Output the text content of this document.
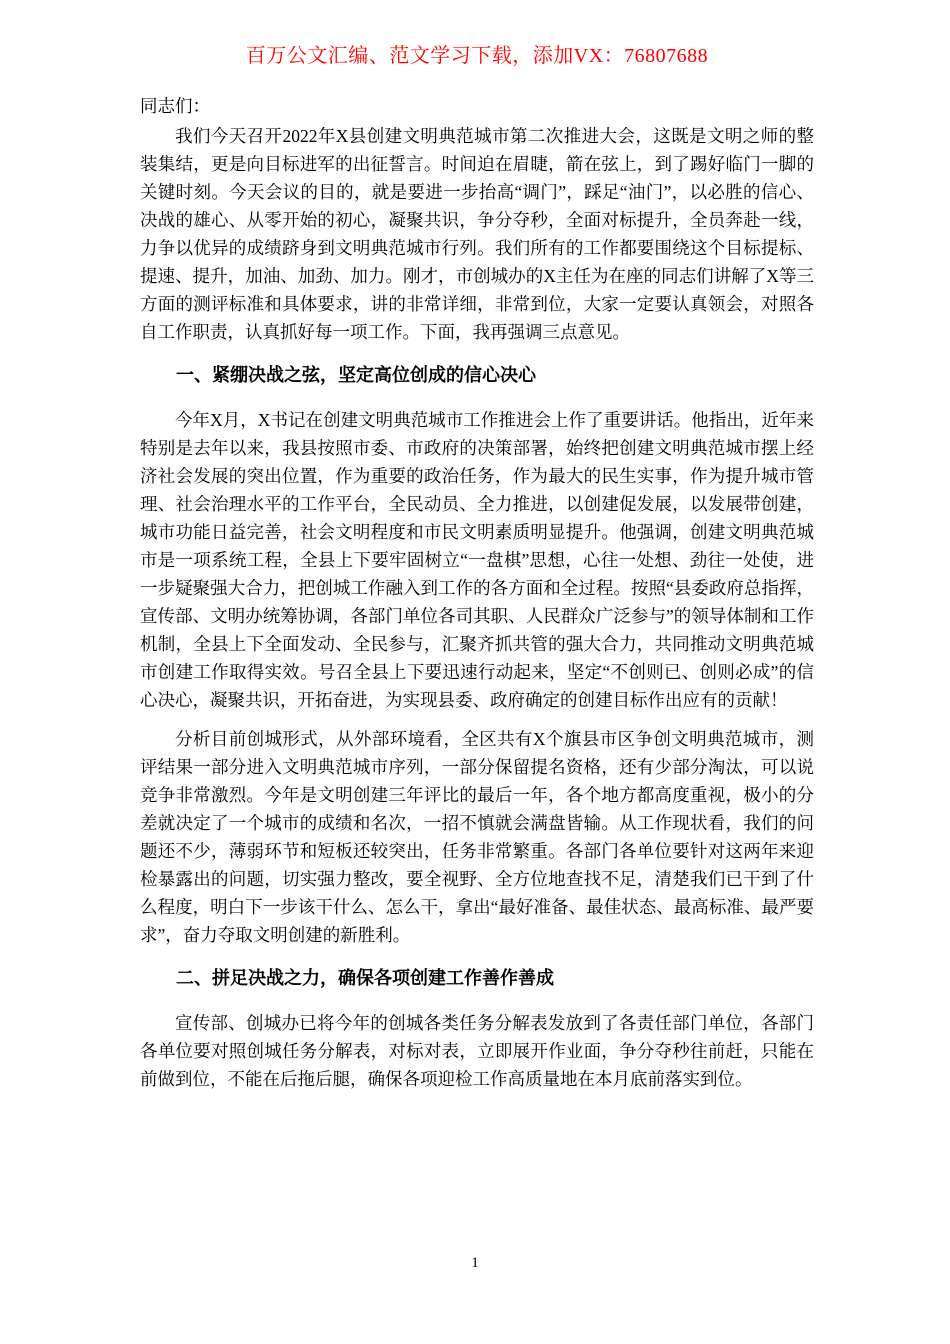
百万公文汇编、范文学习下载，添加VX：76807688

同志们：

我们今天召开2022年X县创建文明典范城市第二次推进大会，这既是文明之师的整装集结，更是向目标进军的出征誓言。时间迫在眉睫，箭在弦上，到了踢好临门一脚的关键时刻。今天会议的目的，就是要进一步抬高“调门”，踩足“油门”，以必胜的信心、决战的雄心、从零开始的初心，凝聚共识，争分夺秒，全面对标提升，全员奔赴一线，力争以优异的成绩跻身到文明典范城市行列。我们所有的工作都要围绕这个目标提标、提速、提升，加油、加劲、加力。刚才，市创城办的X主任为在座的同志们讲解了X等三方面的测评标准和具体要求，讲的非常详细，非常到位，大家一定要认真领会，对照各自工作职责，认真抓好每一项工作。下面，我再强调三点意见。

一、紧绷决战之弦，坚定高位创成的信心决心

今年X月，X书记在创建文明典范城市工作推进会上作了重要讲话。他指出，近年来特别是去年以来，我县按照市委、市政府的决策部署，始终把创建文明典范城市摆上经济社会发展的突出位置，作为重要的政治任务，作为最大的民生实事，作为提升城市管理、社会治理水平的工作平台，全民动员、全力推进，以创建促发展，以发展带创建，城市功能日益完善，社会文明程度和市民文明素质明显提升。他强调，创建文明典范城市是一项系统工程，全县上下要牢固树立“一盘棋”思想，心往一处想、劲往一处使，进一步疑聚强大合力，把创城工作融入到工作的各方面和全过程。按照“县委政府总指挥，宣传部、文明办统筹协调，各部门单位各司其职、人民群众广泛参与”的领导体制和工作机制，全县上下全面发动、全民参与，汇聚齐抓共管的强大合力，共同推动文明典范城市创建工作取得实效。号召全县上下要迅速行动起来，坚定“不创则已、创则必成”的信心决心，凝聚共识，开拓奋进，为实现县委、政府确定的创建目标作出应有的贡献！

分析目前创城形式，从外部环境看，全区共有X个旗县市区争创文明典范城市，测评结果一部分进入文明典范城市序列，一部分保留提名资格，还有少部分淘汰，可以说竞争非常激烈。今年是文明创建三年评比的最后一年，各个地方都高度重视，极小的分差就决定了一个城市的成绩和名次，一招不慎就会满盘皆输。从工作现状看，我们的问题还不少，薄弱环节和短板还较突出，任务非常繁重。各部门各单位要针对这两年来迎检暴露出的问题，切实强力整改，要全视野、全方位地查找不足，清楚我们已干到了什么程度，明白下一步该干什么、怎么干，拿出“最好准备、最佳状态、最高标准、最严要求”，奋力夺取文明创建的新胜利。

二、拼足决战之力，确保各项创建工作善作善成

宣传部、创城办已将今年的创城各类任务分解表发放到了各责任部门单位，各部门各单位要对照创城任务分解表，对标对表，立即展开作业面，争分夺秒往前赶，只能在前做到位，不能在后拖后腿，确保各项迎检工作高质量地在本月底前落实到位。

1
